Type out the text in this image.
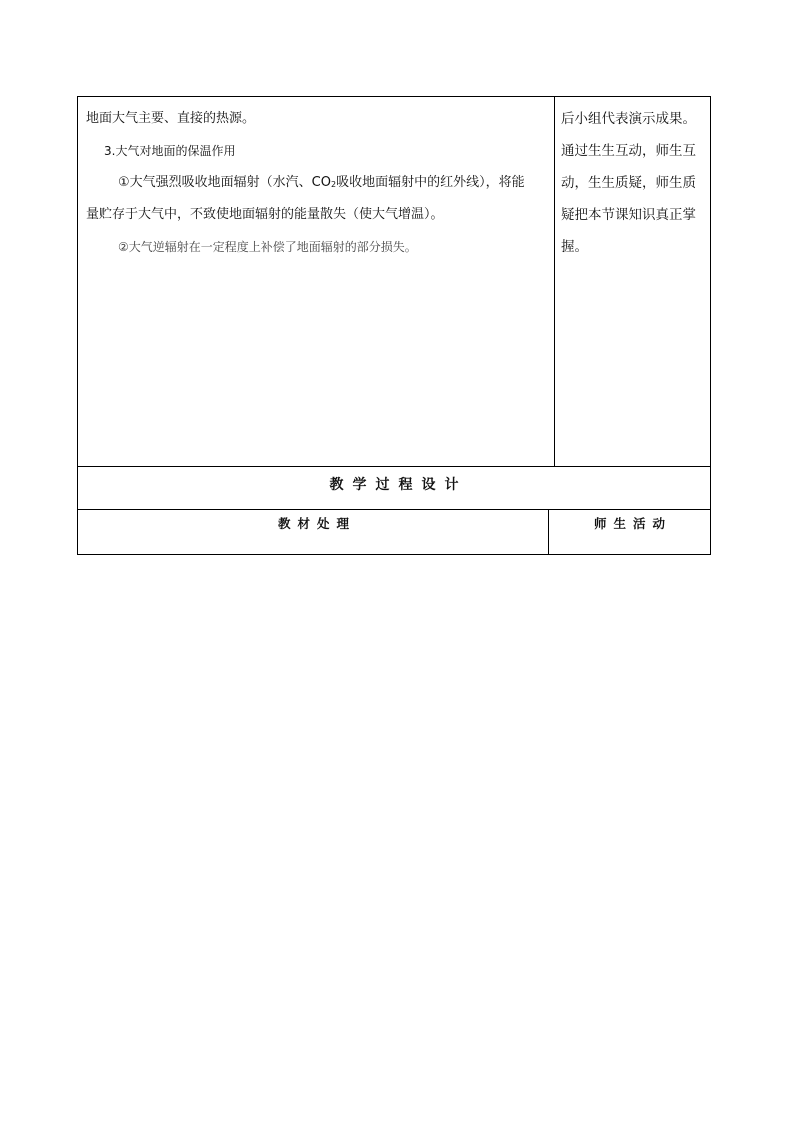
地面大气主要、直接的热源。

3.大气对地面的保温作用

①大气强烈吸收地面辐射（水汽、$CO_2$吸收地面辐射中的红外线），将能

量贮存于大气中，不致使地面辐射的能量散失（使大气增温）。

②大气逆辐射在一定程度上补偿了地面辐射的部分损失。

后小组代表演示成果。

通过生生互动，师生互

动，生生质疑，师生质

疑把本节课知识真正掌

握。

教学过程设计
教材处理	师生活动
